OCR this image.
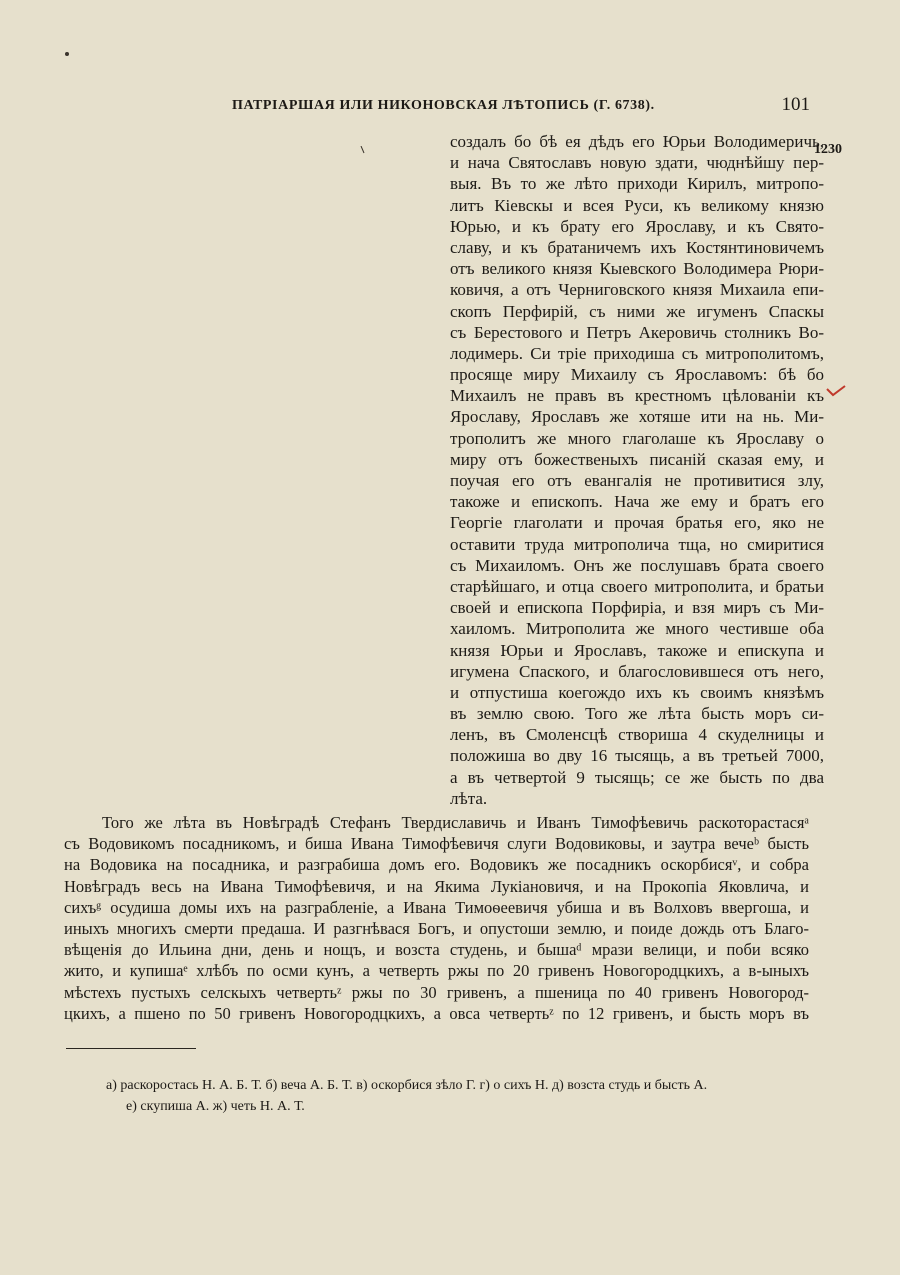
ПАТРІАРШАЯ ИЛИ НИКОНОВСКАЯ ЛѢТОПИСЬ (Г. 6738).	101
1230
создалъ бо бѣ ея дѣдъ его Юрьи Володимеричь,
и нача Святославъ новую здати, чюднѣйшу пер-
выя. Въ то же лѣто приходи Кирилъ, митропо-
литъ Кіевскы и всея Руси, къ великому князю
Юрью, и къ брату его Ярославу, и къ Свято-
славу, и къ братаничемъ ихъ Костянтиновичемъ
отъ великого князя Кыевского Володимера Рюри-
ковичя, а отъ Черниговского князя Михаила епи-
скопъ Перфирій, съ ними же игуменъ Спаскы
съ Берестового и Петръ Акеровичь столникъ Во-
лодимерь. Си тріе приходиша съ митрополитомъ,
просяще миру Михаилу съ Ярославомъ: бѣ бо
Михаилъ не правъ въ крестномъ цѣлованіи къ
Ярославу, Ярославъ же хотяше ити на нь. Ми-
трополитъ же много глаголаше къ Ярославу о
миру отъ божественыхъ писаній сказая ему, и
поучая его отъ евангалія не противитися злу,
такоже и епископъ. Нача же ему и братъ его
Георгіе глаголати и прочая братья его, яко не
оставити труда митрополича тща, но смиритися
съ Михаиломъ. Онъ же послушавъ брата своего
старѣйшаго, и отца своего митрополита, и братьи
своей и епископа Порфиріа, и взя миръ съ Ми-
хаиломъ. Митрополита же много честивше оба
князя Юрьи и Ярославъ, такоже и епискупа и
игумена Спаского, и благословившеся отъ него,
и отпустиша коегождо ихъ къ своимъ князѣмъ
въ землю свою. Того же лѣта бысть моръ си-
ленъ, въ Смоленсцѣ створиша 4 скуделницы и
положиша во дву 16 тысящь, а въ третьей 7000,
а въ четвертой 9 тысящь; се же бысть по два
лѣта.
Того же лѣта въ Новѣградѣ Стефанъ Твердиславичь и Иванъ Тимофѣевичь раскоторастасяᵃ
съ Водовикомъ посадникомъ, и биша Ивана Тимофѣевичя слуги Водовиковы, и заутра вечеᵇ бысть
на Водовика на посадника, и разграбиша домъ его. Водовикъ же посадникъ оскорбисяᵛ, и собра
Новѣградъ весь на Ивана Тимофѣевичя, и на Якима Лукіановичя, и на Прокопіа Яковлича, и
сихъᵍ осудиша домы ихъ на разграбленіе, а Ивана Тимоѳеевичя убиша и въ Волховъ ввергоша, и
иныхъ многихъ смерти предаша. И разгнѣвася Богъ, и опустоши землю, и поиде дождь отъ Благо-
вѣщенія до Ильина дни, день и нощъ, и возста студень, и бышаᵈ мрази велици, и поби всяко
жито, и купишаᵉ хлѣбъ по осми кунъ, а четверть ржы по 20 гривенъ Новогородцкихъ, а в-ыныхъ
мѣстехъ пустыхъ селскыхъ четвертьᶻ ржы по 30 гривенъ, а пшеница по 40 гривенъ Новогород-
цкихъ, а пшено по 50 гривенъ Новогородцкихъ, а овса четвертьᶻ по 12 гривенъ, и бысть моръ въ
а) раскоростась Н. А. Б. Т. б) веча А. Б. Т. в) оскорбися зѣло Г. г) о сихъ Н. д) возста студь и бысть А.
е) скупиша А. ж) четь Н. А. Т.
